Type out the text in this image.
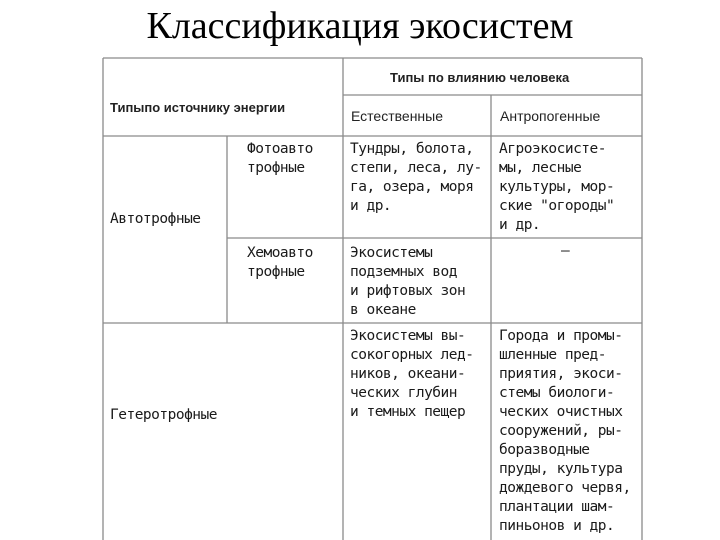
Классификация экосистем
Типы по влиянию человека
Типыпо источнику энергии
Естественные	Антропогенные
Фотоавто
трофные
Автотрофные
Хемоавто
трофные
Гетеротрофные
Тундры, болота,
степи, леса, лу-
га, озера, моря
и др.
Агроэкосисте-
мы, лесные
культуры, мор-
ские "огороды"
и др.
Экосистемы
подземных вод
и рифтовых зон
в океане
–
Экосистемы вы-
сокогорных лед-
ников, океани-
ческих глубин
и темных пещер
Города и промы-
шленные пред-
приятия, экоси-
стемы биологи-
ческих очистных
сооружений, ры-
боразводные
пруды, культура
дождевого червя,
плантации шам-
пиньонов и др.
